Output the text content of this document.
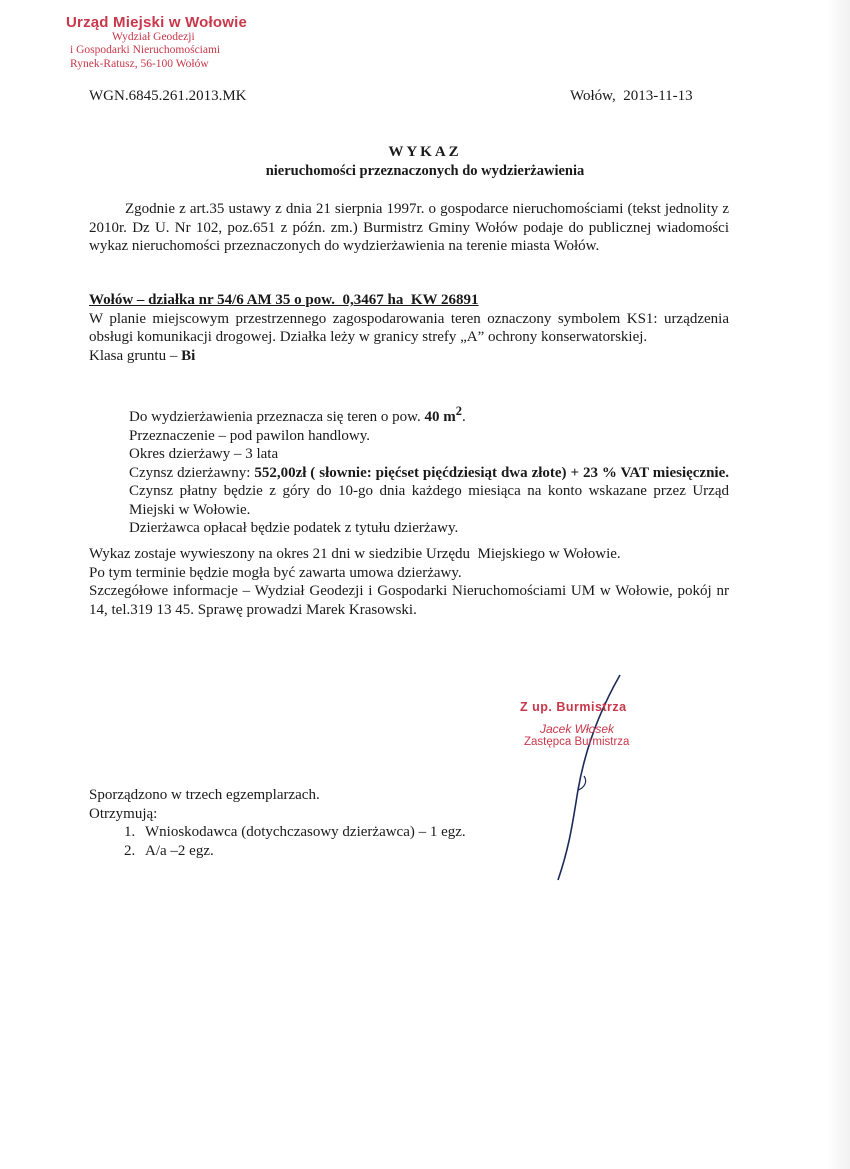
Urząd Miejski w Wołowie
Wydział Geodezji
i Gospodarki Nieruchomościami
Rynek-Ratusz, 56-100 Wołów
WGN.6845.261.2013.MK	Wołów,  2013-11-13
WYKAZ
nieruchomości przeznaczonych do wydzierżawienia
Zgodnie z art.35 ustawy z dnia 21 sierpnia 1997r. o gospodarce nieruchomościami (tekst jednolity z 2010r. Dz U. Nr 102, poz.651 z późn. zm.) Burmistrz Gminy Wołów podaje do publicznej wiadomości wykaz nieruchomości przeznaczonych do wydzierżawienia na terenie miasta Wołów.
Wołów – działka nr 54/6 AM 35 o pow.  0,3467 ha  KW 26891
W planie miejscowym przestrzennego zagospodarowania teren oznaczony symbolem KS1: urządzenia obsługi komunikacji drogowej. Działka leży w granicy strefy „A” ochrony konserwatorskiej.
Klasa gruntu – Bi
Do wydzierżawienia przeznacza się teren o pow. 40 $m^2$.
Przeznaczenie – pod pawilon handlowy.
Okres dzierżawy – 3 lata
Czynsz dzierżawny: 552,00zł ( słownie: pięćset pięćdziesiąt dwa złote) + 23 % VAT miesięcznie. Czynsz płatny będzie z góry do 10-go dnia każdego miesiąca na konto wskazane przez Urząd Miejski w Wołowie.
Dzierżawca opłacał będzie podatek z tytułu dzierżawy.
Wykaz zostaje wywieszony na okres 21 dni w siedzibie Urzędu  Miejskiego w Wołowie.
Po tym terminie będzie mogła być zawarta umowa dzierżawy.
Szczegółowe informacje – Wydział Geodezji i Gospodarki Nieruchomościami UM w Wołowie, pokój nr 14, tel.319 13 45. Sprawę prowadzi Marek Krasowski.
Z up. Burmistrza
Jacek Włosek
Zastępca Burmistrza
Sporządzono w trzech egzemplarzach.
Otrzymują:
1. Wnioskodawca (dotychczasowy dzierżawca) – 1 egz.
2. A/a –2 egz.
